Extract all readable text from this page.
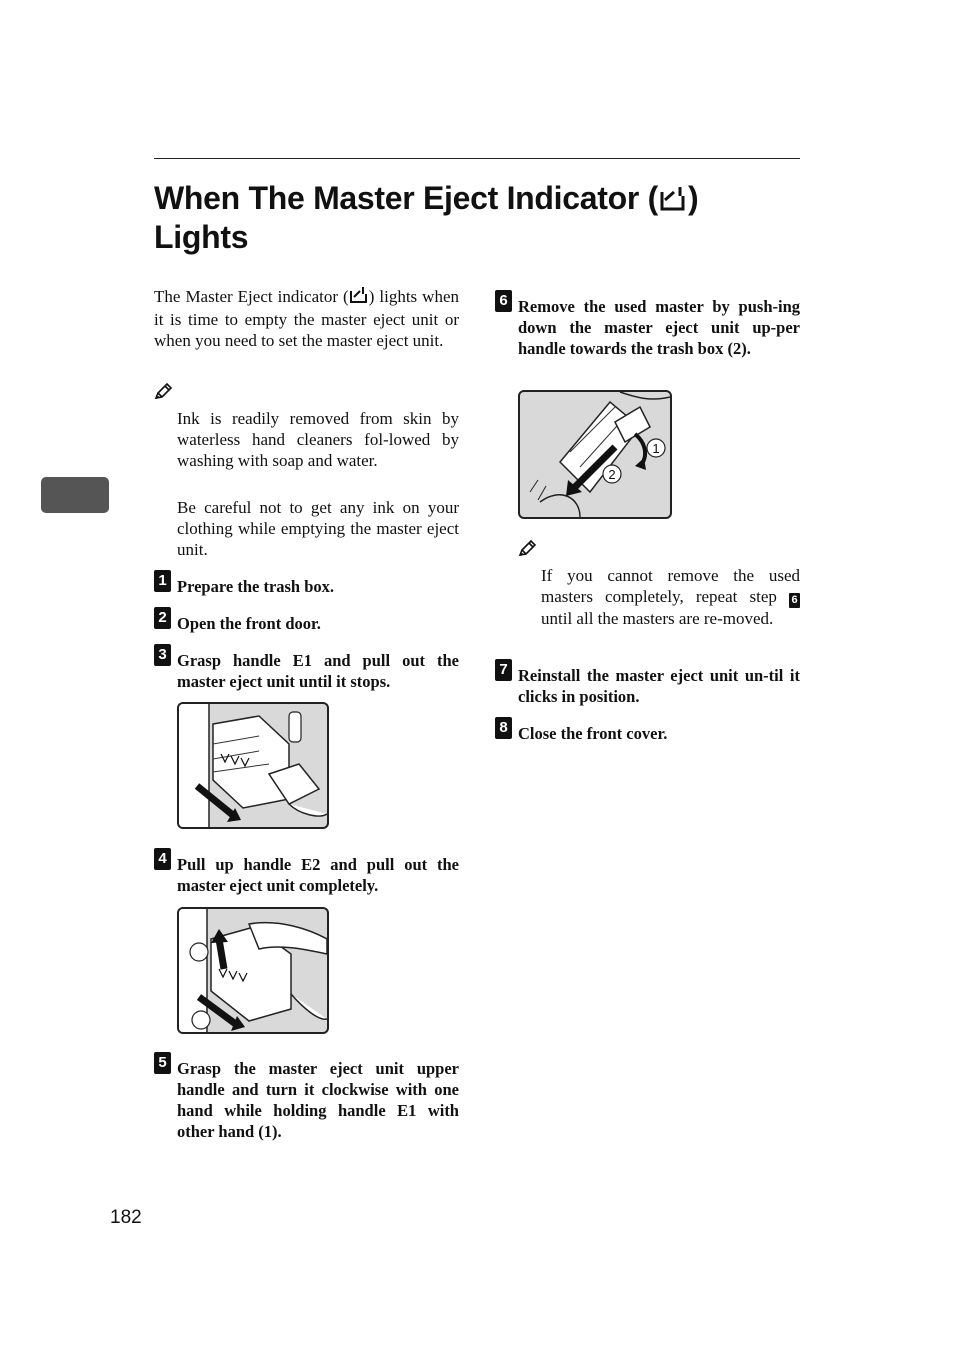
When The Master Eject Indicator ( )
Lights
The Master Eject indicator ( ) lights when it is time to empty the master eject unit or when you need to set the master eject unit.
Ink is readily removed from skin by waterless hand cleaners fol-lowed by washing with soap and water.
Be careful not to get any ink on your clothing while emptying the master eject unit.
1 Prepare the trash box.
2 Open the front door.
3 Grasp handle E1 and pull out the master eject unit until it stops.
4 Pull up handle E2 and pull out the master eject unit completely.
5 Grasp the master eject unit upper handle and turn it clockwise with one hand while holding handle E1 with other hand (1).
6 Remove the used master by push-ing down the master eject unit up-per handle towards the trash box (2).
1
2
If you cannot remove the used masters completely, repeat step 6 until all the masters are re-moved.
7 Reinstall the master eject unit un-til it clicks in position.
8 Close the front cover.
182
